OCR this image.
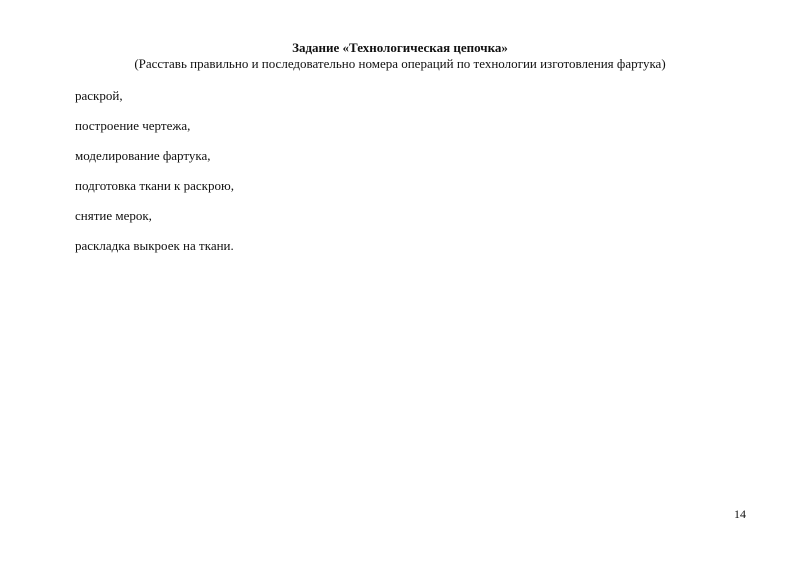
Задание «Технологическая цепочка»
(Расставь правильно и последовательно номера операций по технологии изготовления фартука)
раскрой,
построение чертежа,
моделирование фартука,
подготовка ткани к раскрою,
снятие мерок,
раскладка выкроек на ткани.
14
